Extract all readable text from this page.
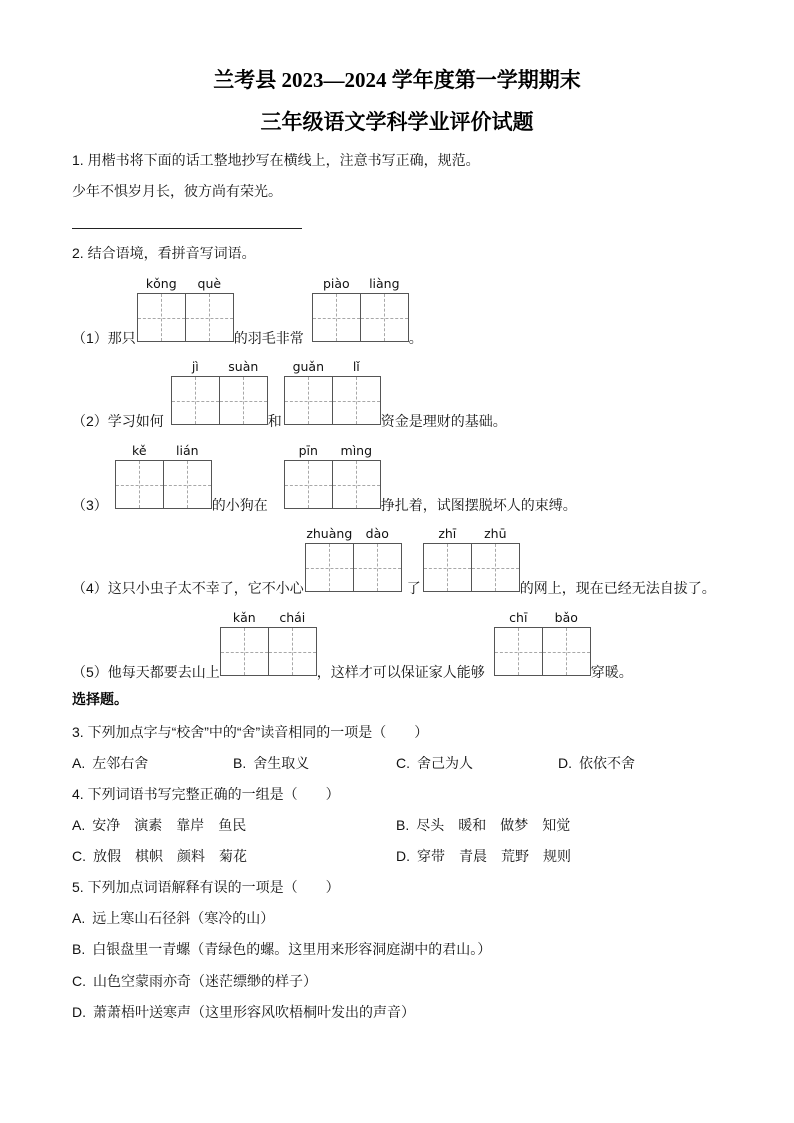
兰考县 2023—2024 学年度第一学期期末
三年级语文学科学业评价试题
1. 用楷书将下面的话工整地抄写在横线上，注意书写正确，规范。
少年不惧岁月长，彼方尚有荣光。
2. 结合语境，看拼音写词语。
（1）那只
kǒng	què
的羽毛非常
piào	liàng
。
（2）学习如何
jì	suàn
和
guǎn	lǐ
资金是理财的基础。
（3）
kě	lián
的小狗在
pīn	mìng
挣扎着，试图摆脱坏人的束缚。
（4）这只小虫子太不幸了，它不小心
zhuàng	dào
了
zhī	zhū
的网上，现在已经无法自拔了。
（5）他每天都要去山上
kǎn	chái
，这样才可以保证家人能够
chī	bǎo
穿暖。
选择题。
3. 下列加点字与“校舍”中的“舍”读音相同的一项是（　　）
A. 左邻右舍	B. 舍生取义	C. 舍己为人	D. 依依不舍
4. 下列词语书写完整正确的一组是（　　）
A. 安净 演素 靠岸 鱼民	B. 尽头 暖和 做梦 知觉
C. 放假 棋帜 颜料 菊花	D. 穿带 青晨 荒野 规则
5. 下列加点词语解释有误的一项是（　　）
A. 远上寒山石径斜（寒冷的山）
B. 白银盘里一青螺（青绿色的螺。这里用来形容洞庭湖中的君山。）
C. 山色空蒙雨亦奇（迷茫缥缈的样子）
D. 萧萧梧叶送寒声（这里形容风吹梧桐叶发出的声音）
